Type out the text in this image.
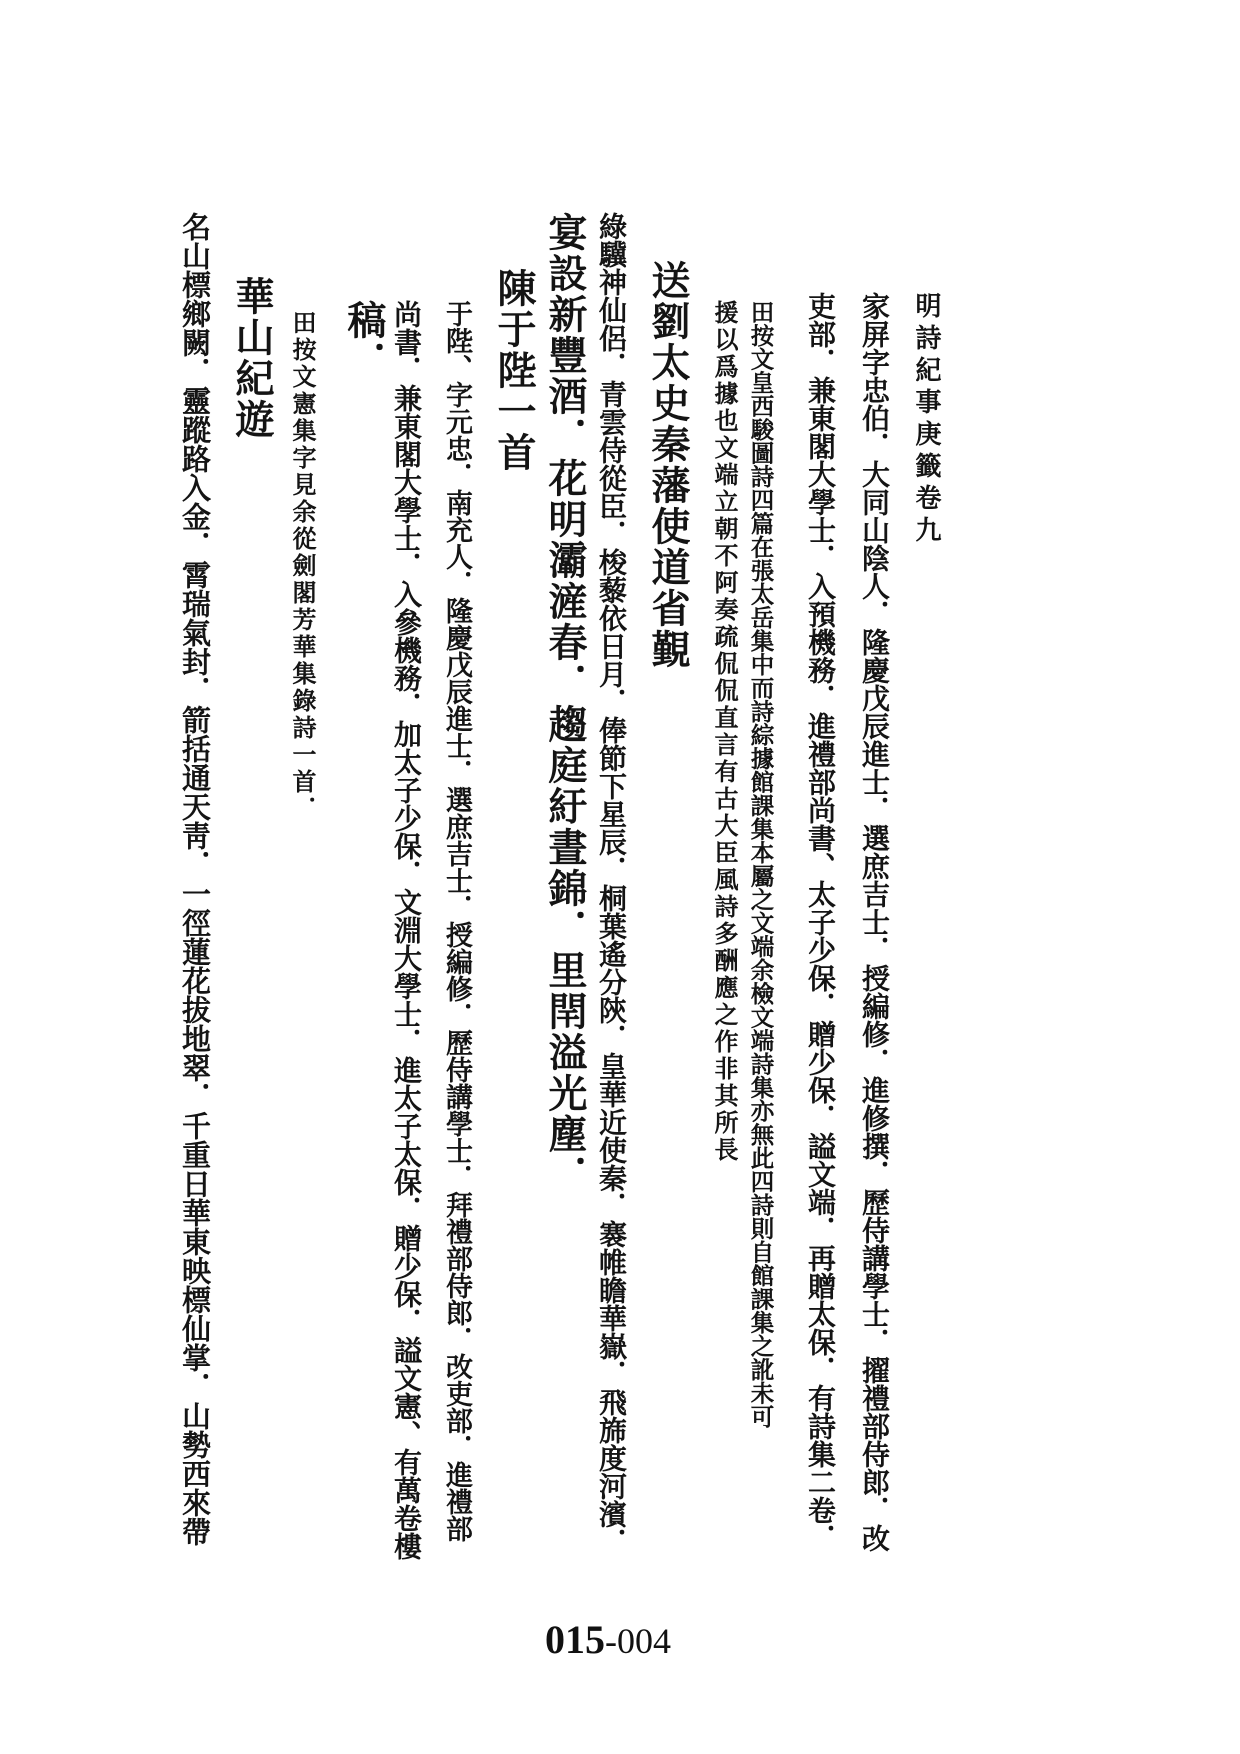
明詩紀事庚籤卷九
家屏字忠伯．大同山陰人．隆慶戊辰進士．選庶吉士．授編修．進修撰．歷侍講學士．擢禮部侍郎．改
吏部．兼東閣大學士．入預機務．進禮部尚書、太子少保．贈少保．謚文端．再贈太保．有詩集二卷．
田按文皇西駿圖詩四篇在張太岳集中而詩綜據館課集本屬之文端余檢文端詩集亦無此四詩則自館課集之訛未可
援以爲據也文端立朝不阿奏疏侃侃直言有古大臣風詩多酬應之作非其所長
送劉太史秦藩使道省覲
綠驥神仙侶．青雲侍從臣．梭藜依日月．俸節下星辰．桐葉遙分陝．皇華近使秦．褰帷瞻華嶽．飛旆度河濱．
宴設新豐酒．花明灞滻春．趨庭紆晝錦．里閈溢光塵．
陳于陛一首
于陛、字元忠．南充人．隆慶戊辰進士．選庶吉士．授編修．歷侍講學士．拜禮部侍郎．改吏部．進禮部
尚書．兼東閣大學士．入參機務．加太子少保．文淵大學士．進太子太保．贈少保．謚文憲、有萬卷樓
稿．
田按文憲集字見余從劍閣芳華集錄詩一首．
華山紀遊
名山標鄉闕．靈蹤路入金．霄瑞氣封．箭括通天靑．一徑蓮花拔地翠．千重日華東映標仙掌．山勢西來帶
015-004
